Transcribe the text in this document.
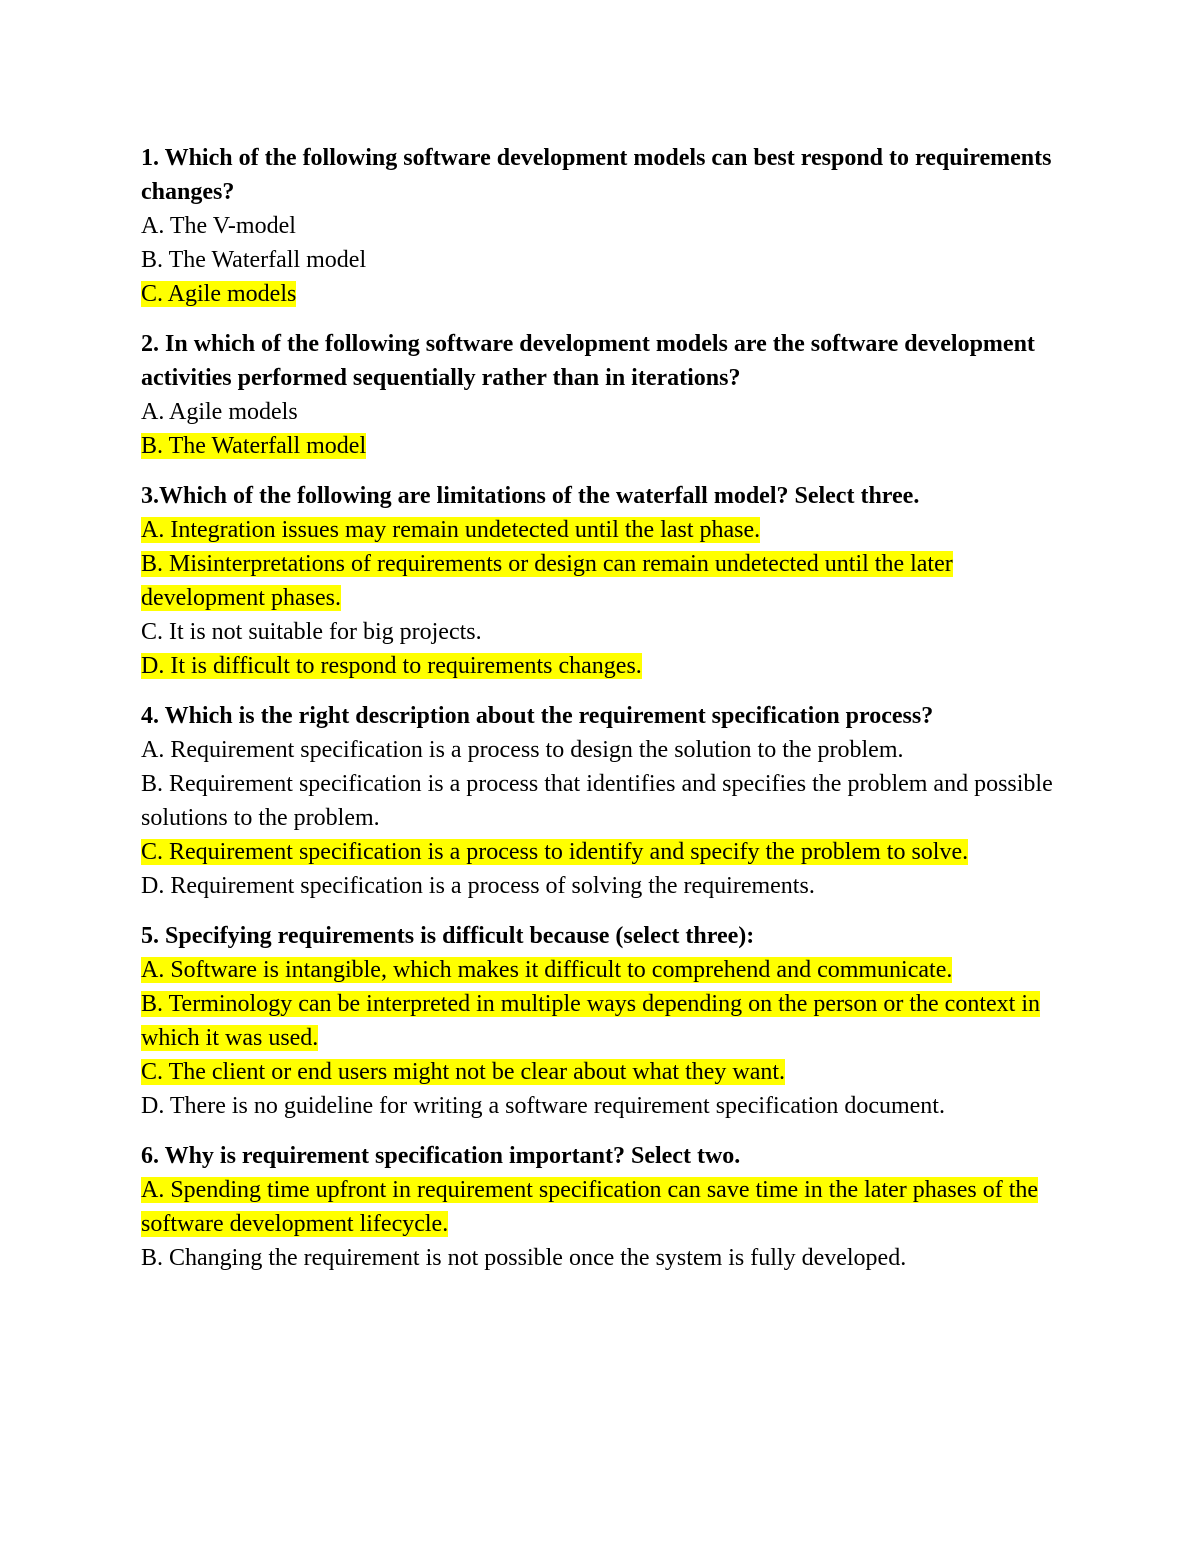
1. Which of the following software development models can best respond to requirements changes?

A. The V-model

B. The Waterfall model

C. Agile models

2. In which of the following software development models are the software development activities performed sequentially rather than in iterations?

A. Agile models

B. The Waterfall model

3.Which of the following are limitations of the waterfall model? Select three.

A. Integration issues may remain undetected until the last phase.

B. Misinterpretations of requirements or design can remain undetected until the later development phases.

C. It is not suitable for big projects.

D. It is difficult to respond to requirements changes.

4. Which is the right description about the requirement specification process?

A. Requirement specification is a process to design the solution to the problem.

B. Requirement specification is a process that identifies and specifies the problem and possible solutions to the problem.

C. Requirement specification is a process to identify and specify the problem to solve.

D. Requirement specification is a process of solving the requirements.

5. Specifying requirements is difficult because (select three):

A. Software is intangible, which makes it difficult to comprehend and communicate.

B. Terminology can be interpreted in multiple ways depending on the person or the context in which it was used.

C. The client or end users might not be clear about what they want.

D. There is no guideline for writing a software requirement specification document.

6. Why is requirement specification important? Select two.

A. Spending time upfront in requirement specification can save time in the later phases of the software development lifecycle.

B. Changing the requirement is not possible once the system is fully developed.
